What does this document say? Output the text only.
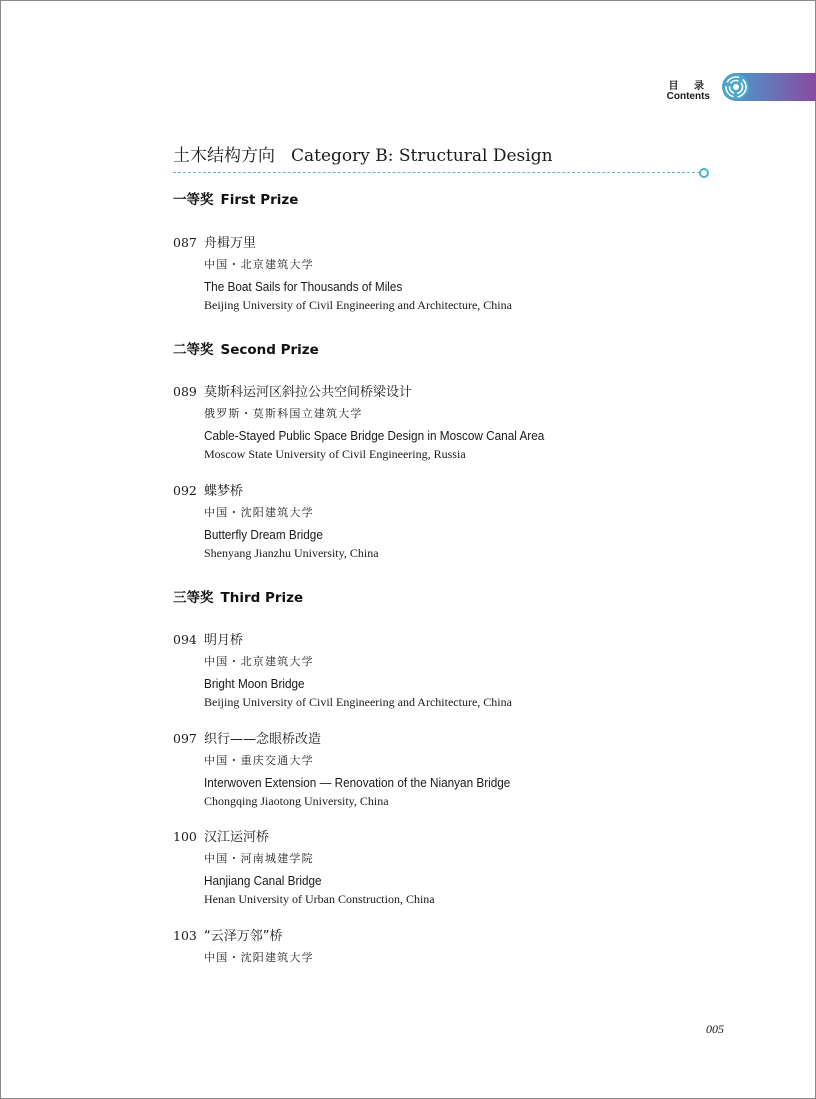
目 录
Contents
土木结构方向 Category B: Structural Design
一等奖 First Prize
087 舟楫万里
中国・北京建筑大学
The Boat Sails for Thousands of Miles
Beijing University of Civil Engineering and Architecture, China
二等奖 Second Prize
089 莫斯科运河区斜拉公共空间桥梁设计
俄罗斯・莫斯科国立建筑大学
Cable-Stayed Public Space Bridge Design in Moscow Canal Area
Moscow State University of Civil Engineering, Russia
092 蝶梦桥
中国・沈阳建筑大学
Butterfly Dream Bridge
Shenyang Jianzhu University, China
三等奖 Third Prize
094 明月桥
中国・北京建筑大学
Bright Moon Bridge
Beijing University of Civil Engineering and Architecture, China
097 织行——念眼桥改造
中国・重庆交通大学
Interwoven Extension — Renovation of the Nianyan Bridge
Chongqing Jiaotong University, China
100 汉江运河桥
中国・河南城建学院
Hanjiang Canal Bridge
Henan University of Urban Construction, China
103 “云泽万邻”桥
中国・沈阳建筑大学
005
